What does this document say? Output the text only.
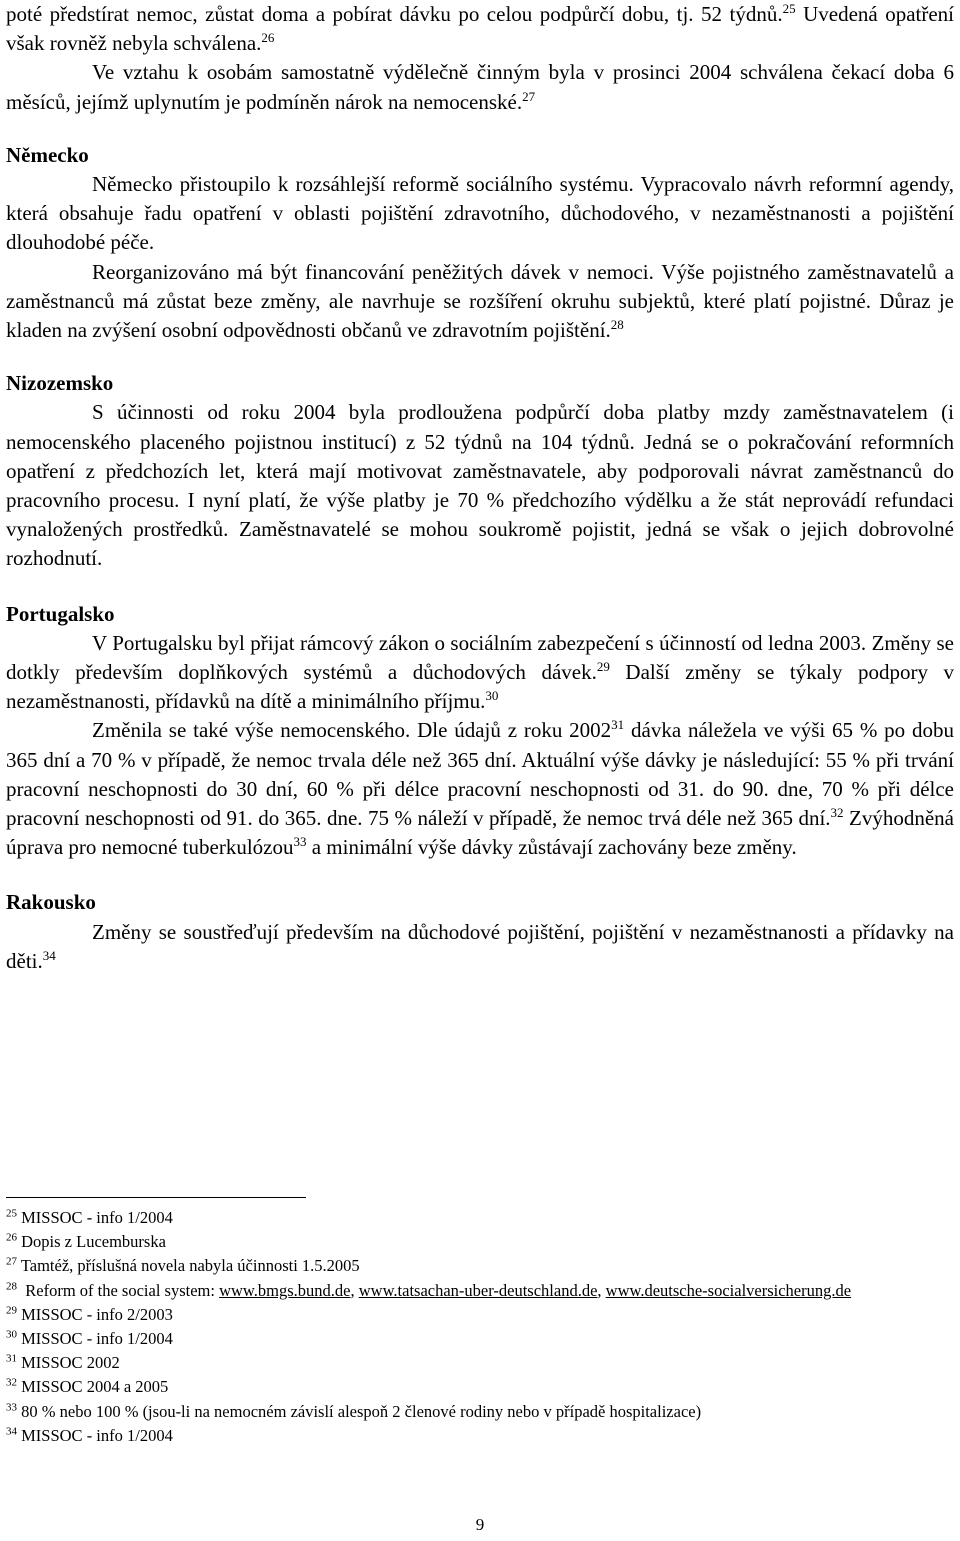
poté předstírat nemoc, zůstat doma a pobírat dávku po celou podpůrčí dobu, tj. 52 týdnů.$^{25}$ Uvedená opatření však rovněž nebyla schválena.$^{26}$

Ve vztahu k osobám samostatně výdělečně činným byla v prosinci 2004 schválena čekací doba 6 měsíců, jejímž uplynutím je podmíněn nárok na nemocenské.$^{27}$

Německo

Německo přistoupilo k rozsáhlejší reformě sociálního systému. Vypracovalo návrh reformní agendy, která obsahuje řadu opatření v oblasti pojištění zdravotního, důchodového, v nezaměstnanosti a pojištění dlouhodobé péče.

Reorganizováno má být financování peněžitých dávek v nemoci. Výše pojistného zaměstnavatelů a zaměstnanců má zůstat beze změny, ale navrhuje se rozšíření okruhu subjektů, které platí pojistné. Důraz je kladen na zvýšení osobní odpovědnosti občanů ve zdravotním pojištění.$^{28}$

Nizozemsko

S účinnosti od roku 2004 byla prodloužena podpůrčí doba platby mzdy zaměstnavatelem (i nemocenského placeného pojistnou institucí) z 52 týdnů na 104 týdnů. Jedná se o pokračování reformních opatření z předchozích let, která mají motivovat zaměstnavatele, aby podporovali návrat zaměstnanců do pracovního procesu. I nyní platí, že výše platby je 70 % předchozího výdělku a že stát neprovádí refundaci vynaložených prostředků. Zaměstnavatelé se mohou soukromě pojistit, jedná se však o jejich dobrovolné rozhodnutí.

Portugalsko

V Portugalsku byl přijat rámcový zákon o sociálním zabezpečení s účinností od ledna 2003. Změny se dotkly především doplňkových systémů a důchodových dávek.$^{29}$ Další změny se týkaly podpory v nezaměstnanosti, přídavků na dítě a minimálního příjmu.$^{30}$

Změnila se také výše nemocenského. Dle údajů z roku 2002$^{31}$ dávka náležela ve výši 65 % po dobu 365 dní a 70 % v případě, že nemoc trvala déle než 365 dní. Aktuální výše dávky je následující: 55 % při trvání pracovní neschopnosti do 30 dní, 60 % při délce pracovní neschopnosti od 31. do 90. dne, 70 % při délce pracovní neschopnosti od 91. do 365. dne. 75 % náleží v případě, že nemoc trvá déle než 365 dní.$^{32}$ Zvýhodněná úprava pro nemocné tuberkulózou$^{33}$ a minimální výše dávky zůstávají zachovány beze změny.

Rakousko

Změny se soustřeďují především na důchodové pojištění, pojištění v nezaměstnanosti a přídavky na děti.$^{34}$

$^{25}$ MISSOC - info 1/2004

$^{26}$ Dopis z Lucemburska

$^{27}$ Tamtéž, příslušná novela nabyla účinnosti 1.5.2005

$^{28}$ Reform of the social system: www.bmgs.bund.de, www.tatsachan-uber-deutschland.de, www.deutsche-socialversicherung.de

$^{29}$ MISSOC - info 2/2003

$^{30}$ MISSOC - info 1/2004

$^{31}$ MISSOC 2002

$^{32}$ MISSOC 2004 a 2005

$^{33}$ 80 % nebo 100 % (jsou-li na nemocném závislí alespoň 2 členové rodiny nebo v případě hospitalizace)

$^{34}$ MISSOC - info 1/2004

9
